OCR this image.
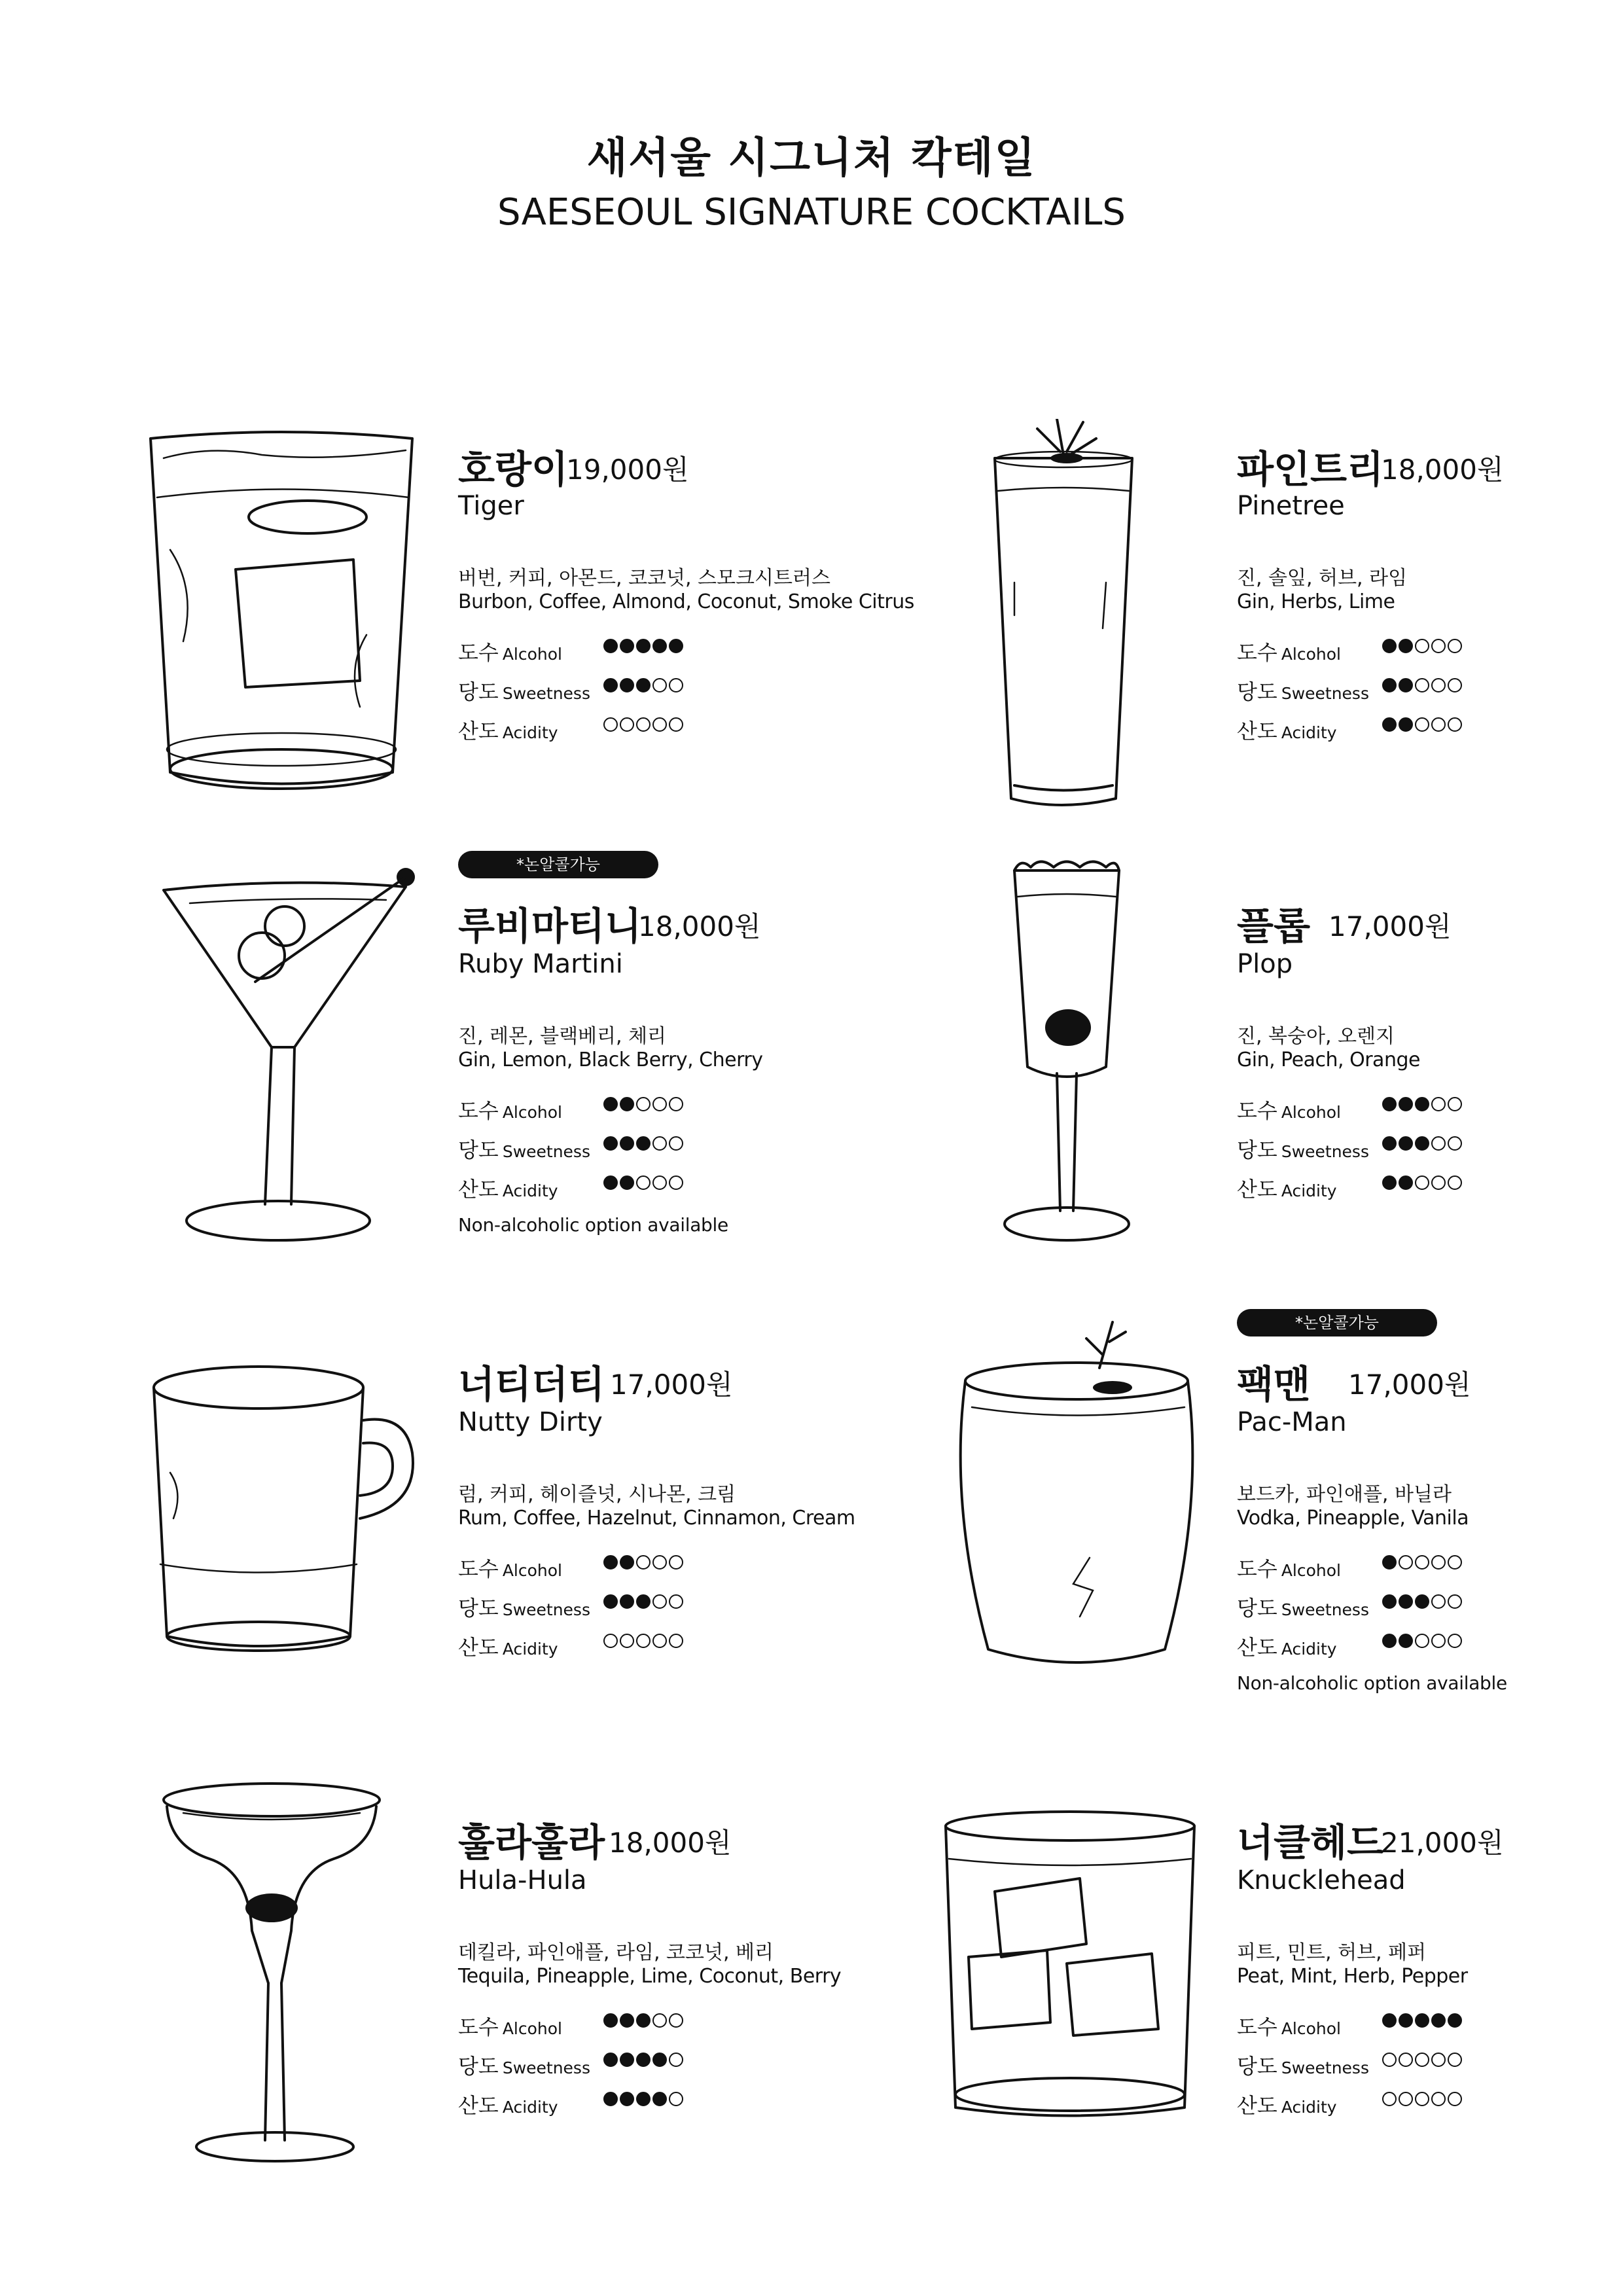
새서울 시그니처 칵테일
SAESEOUL SIGNATURE COCKTAILS
호랑이
19,000원
Tiger
버번, 커피, 아몬드, 코코넛, 스모크시트러스
Burbon, Coffee, Almond, Coconut, Smoke Citrus
도수 Alcohol
당도 Sweetness
산도 Acidity
파인트리
18,000원
Pinetree
진, 솔잎, 허브, 라임
Gin, Herbs, Lime
도수 Alcohol
당도 Sweetness
산도 Acidity
*논알콜가능
루비마티니
18,000원
Ruby Martini
진, 레몬, 블랙베리, 체리
Gin, Lemon, Black Berry, Cherry
도수 Alcohol
당도 Sweetness
산도 Acidity
Non-alcoholic option available
플롭 17,000원
Plop
진, 복숭아, 오렌지
Gin, Peach, Orange
도수 Alcohol
당도 Sweetness
산도 Acidity
너티더티 17,000원
Nutty Dirty
럼, 커피, 헤이즐넛, 시나몬, 크림
Rum, Coffee, Hazelnut, Cinnamon, Cream
도수 Alcohol
당도 Sweetness
산도 Acidity
*논알콜가능
팩맨 17,000원
Pac-Man
보드카, 파인애플, 바닐라
Vodka, Pineapple, Vanila
도수 Alcohol
당도 Sweetness
산도 Acidity
Non-alcoholic option available
훌라훌라 18,000원
Hula-Hula
데킬라, 파인애플, 라임, 코코넛, 베리
Tequila, Pineapple, Lime, Coconut, Berry
도수 Alcohol
당도 Sweetness
산도 Acidity
너클헤드
21,000원
Knucklehead
피트, 민트, 허브, 페퍼
Peat, Mint, Herb, Pepper
도수 Alcohol
당도 Sweetness
산도 Acidity
